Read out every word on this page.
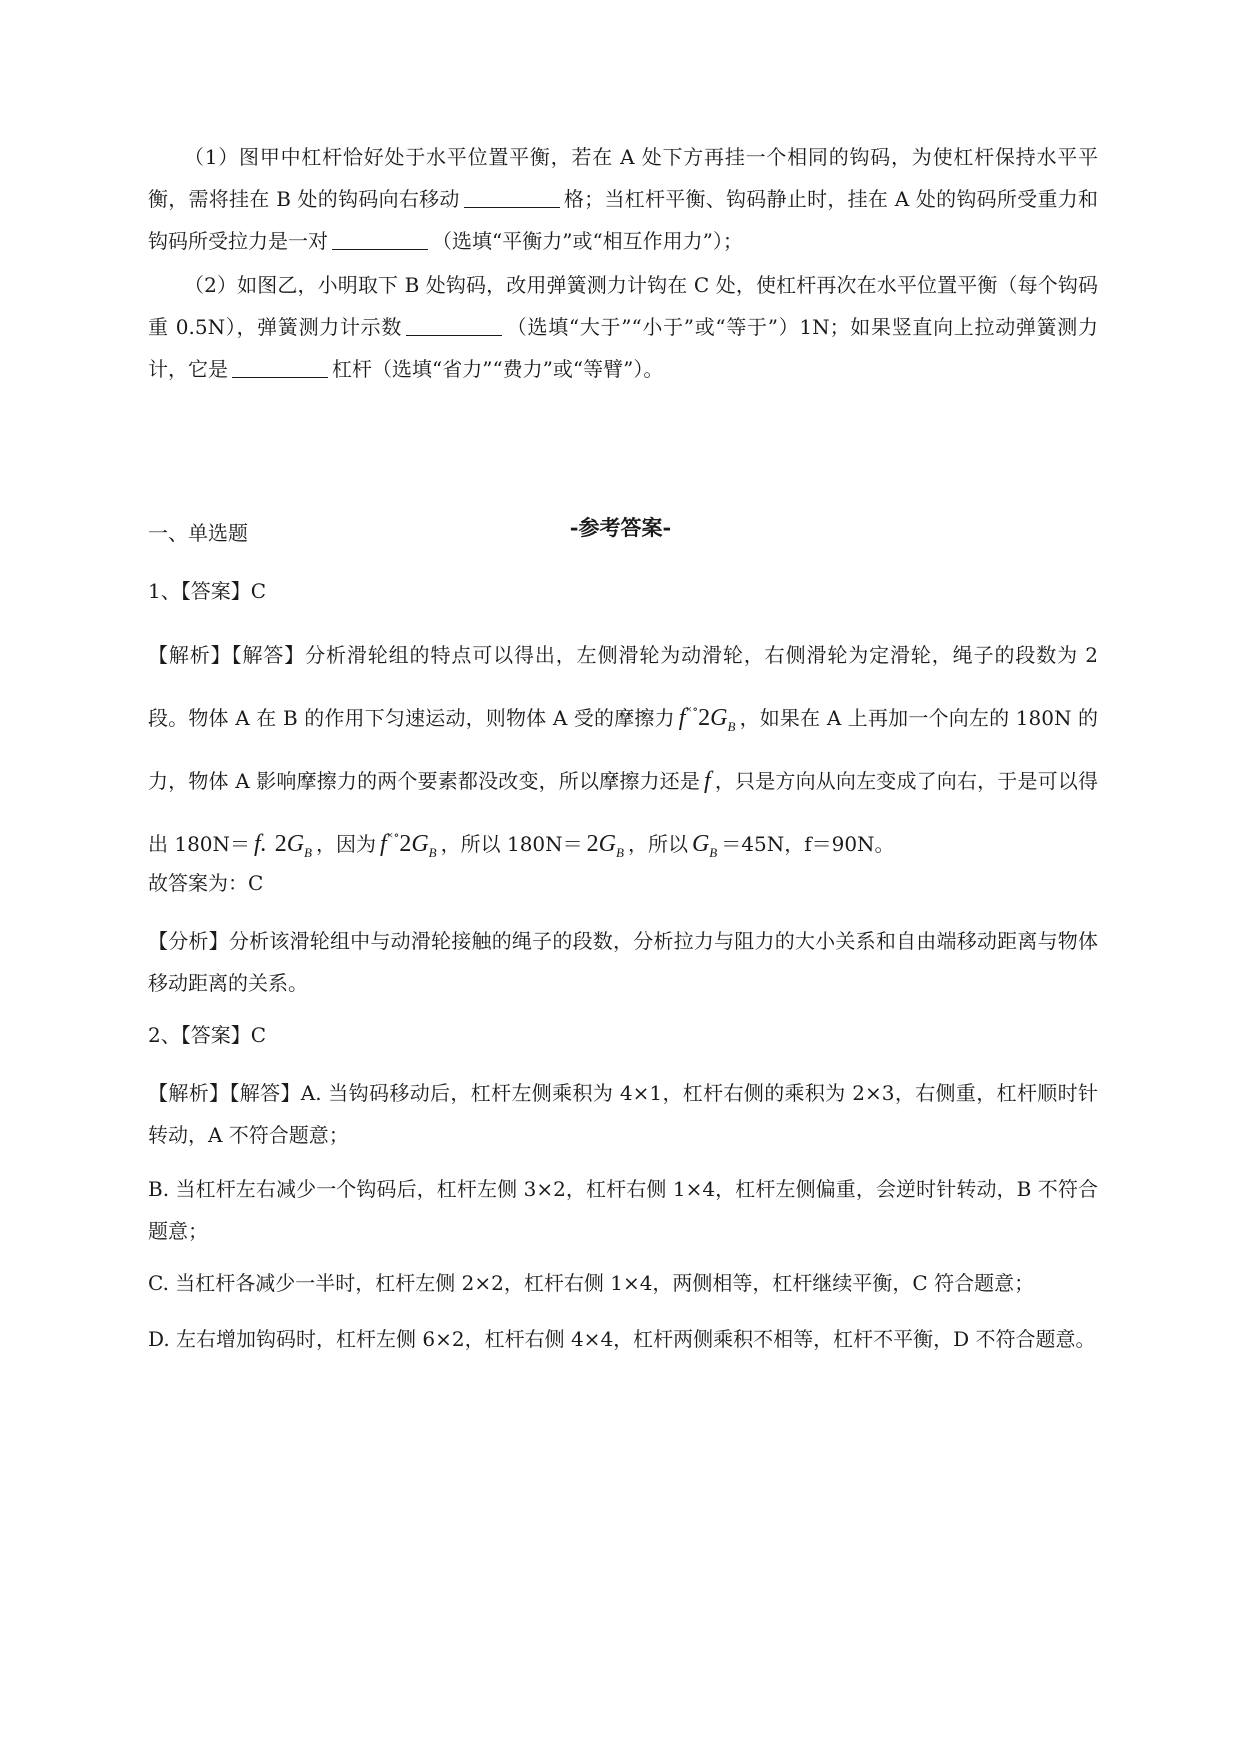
（1）图甲中杠杆恰好处于水平位置平衡，若在 A 处下方再挂一个相同的钩码，为使杠杆保持水平平衡，需将挂在 B 处的钩码向右移动	格；当杠杆平衡、钩码静止时，挂在 A 处的钩码所受重力和钩码所受拉力是一对	（选填“平衡力”或“相互作用力”）；

（2）如图乙，小明取下 B 处钩码，改用弹簧测力计钩在 C 处，使杠杆再次在水平位置平衡（每个钩码重 0.5N），弹簧测力计示数	（选填“大于”“小于”或“等于”）1N；如果竖直向上拉动弹簧测力计，它是	杠杆（选填“省力”“费力”或“等臂”）。

-参考答案-

一、单选题

1、【答案】C

【解析】【解答】分析滑轮组的特点可以得出，左侧滑轮为动滑轮，右侧滑轮为定滑轮，绳子的段数为 2 段。物体 A 在 B 的作用下匀速运动，则物体 A 受的摩擦力 $f^{\times\circ}2G_B$ ，如果在 A 上再加一个向左的 180N 的力，物体 A 影响摩擦力的两个要素都没改变，所以摩擦力还是 f ，只是方向从向左变成了向右，于是可以得出 180N＝ f. $2G_B$ ，因为 $f^{\times\circ}2G_B$ ，所以 $180N= 2G_B$ ，所以 $G_B =45N$，f＝90N。

故答案为：C

【分析】分析该滑轮组中与动滑轮接触的绳子的段数，分析拉力与阻力的大小关系和自由端移动距离与物体移动距离的关系。

2、【答案】C

【解析】【解答】A. 当钩码移动后，杠杆左侧乘积为 4×1，杠杆右侧的乘积为 2×3，右侧重，杠杆顺时针转动，A 不符合题意；

B. 当杠杆左右减少一个钩码后，杠杆左侧 3×2，杠杆右侧 1×4，杠杆左侧偏重，会逆时针转动，B 不符合题意；

C. 当杠杆各减少一半时，杠杆左侧 2×2，杠杆右侧 1×4，两侧相等，杠杆继续平衡，C 符合题意；

D. 左右增加钩码时，杠杆左侧 6×2，杠杆右侧 4×4，杠杆两侧乘积不相等，杠杆不平衡，D 不符合题意。
